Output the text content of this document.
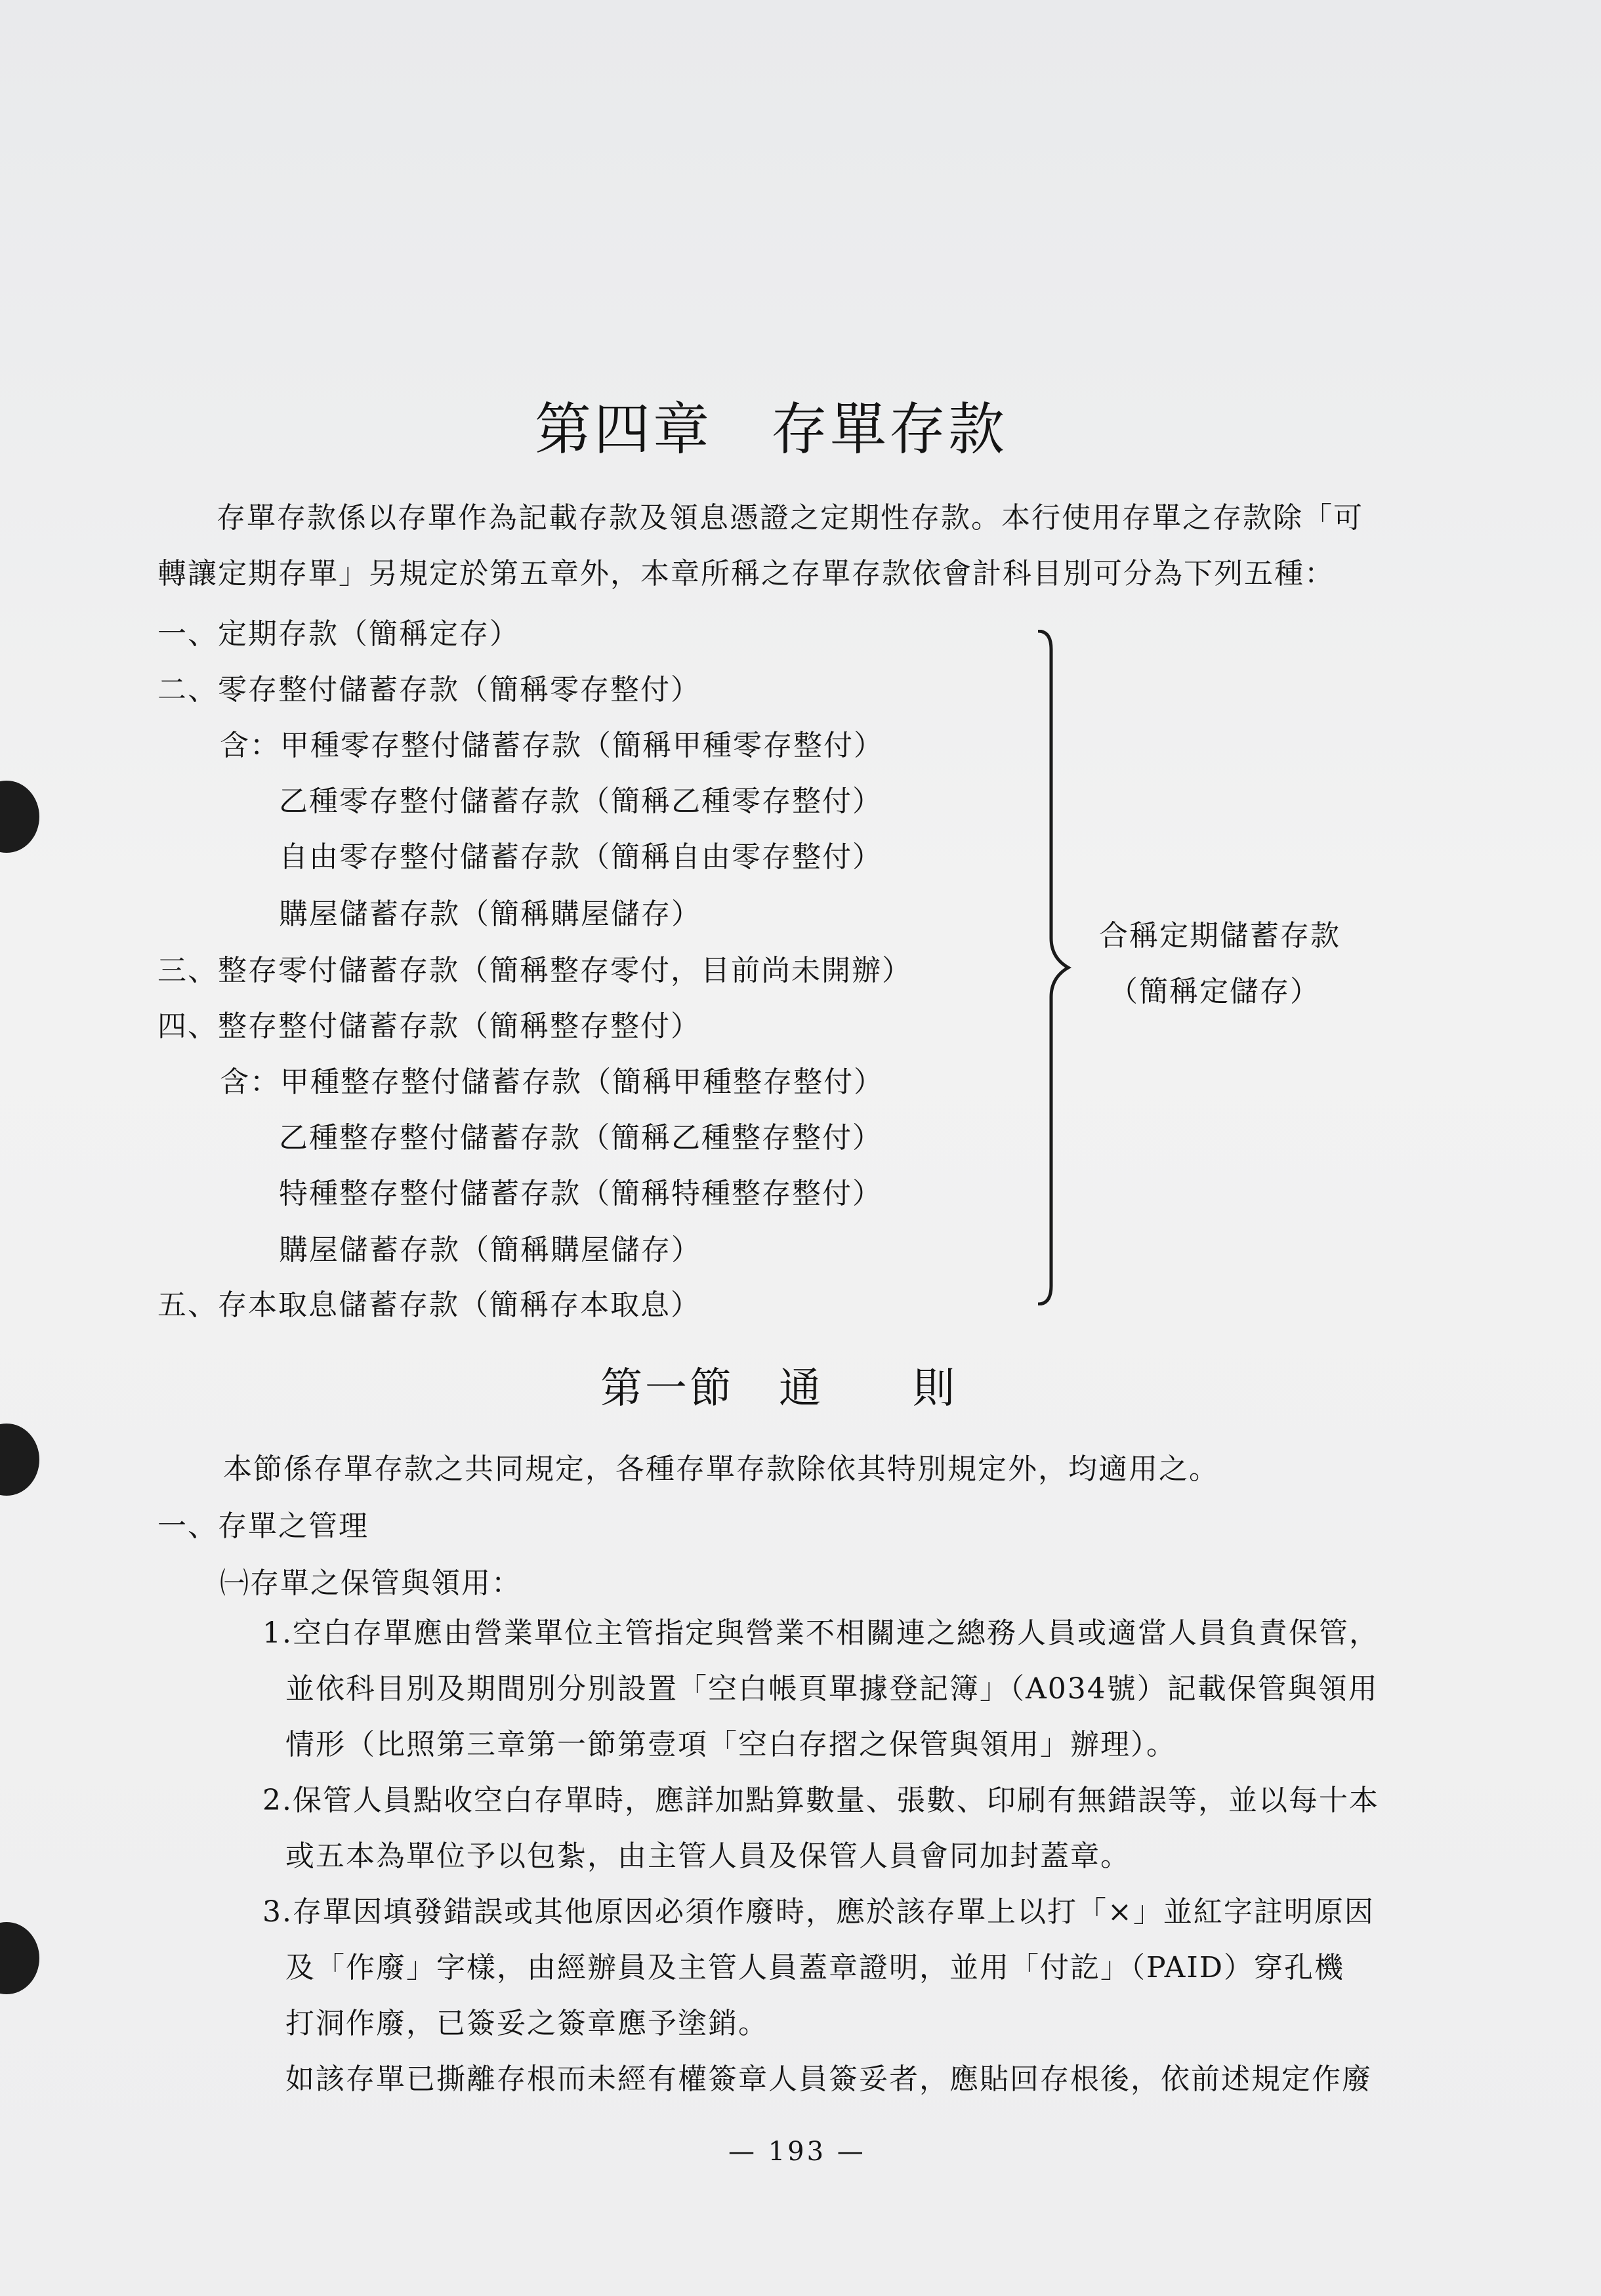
第四章　存單存款
存單存款係以存單作為記載存款及領息憑證之定期性存款。本行使用存單之存款除「可
轉讓定期存單」另規定於第五章外，本章所稱之存單存款依會計科目別可分為下列五種：
一、定期存款（簡稱定存）
二、零存整付儲蓄存款（簡稱零存整付）
含：甲種零存整付儲蓄存款（簡稱甲種零存整付）
乙種零存整付儲蓄存款（簡稱乙種零存整付）
自由零存整付儲蓄存款（簡稱自由零存整付）
購屋儲蓄存款（簡稱購屋儲存）
三、整存零付儲蓄存款（簡稱整存零付，目前尚未開辦）
四、整存整付儲蓄存款（簡稱整存整付）
含：甲種整存整付儲蓄存款（簡稱甲種整存整付）
乙種整存整付儲蓄存款（簡稱乙種整存整付）
特種整存整付儲蓄存款（簡稱特種整存整付）
購屋儲蓄存款（簡稱購屋儲存）
五、存本取息儲蓄存款（簡稱存本取息）
合稱定期儲蓄存款
（簡稱定儲存）
第一節　通　　則
本節係存單存款之共同規定，各種存單存款除依其特別規定外，均適用之。
一、存單之管理
㈠存單之保管與領用：
1.空白存單應由營業單位主管指定與營業不相關連之總務人員或適當人員負責保管，
並依科目別及期間別分別設置「空白帳頁單據登記簿」（A034號）記載保管與領用
情形（比照第三章第一節第壹項「空白存摺之保管與領用」辦理）。
2.保管人員點收空白存單時，應詳加點算數量、張數、印刷有無錯誤等，並以每十本
或五本為單位予以包紮，由主管人員及保管人員會同加封蓋章。
3.存單因填發錯誤或其他原因必須作廢時，應於該存單上以打「×」並紅字註明原因
及「作廢」字樣，由經辦員及主管人員蓋章證明，並用「付訖」（PAID）穿孔機
打洞作廢，已簽妥之簽章應予塗銷。
如該存單已撕離存根而未經有權簽章人員簽妥者，應貼回存根後，依前述規定作廢
— 193 —
